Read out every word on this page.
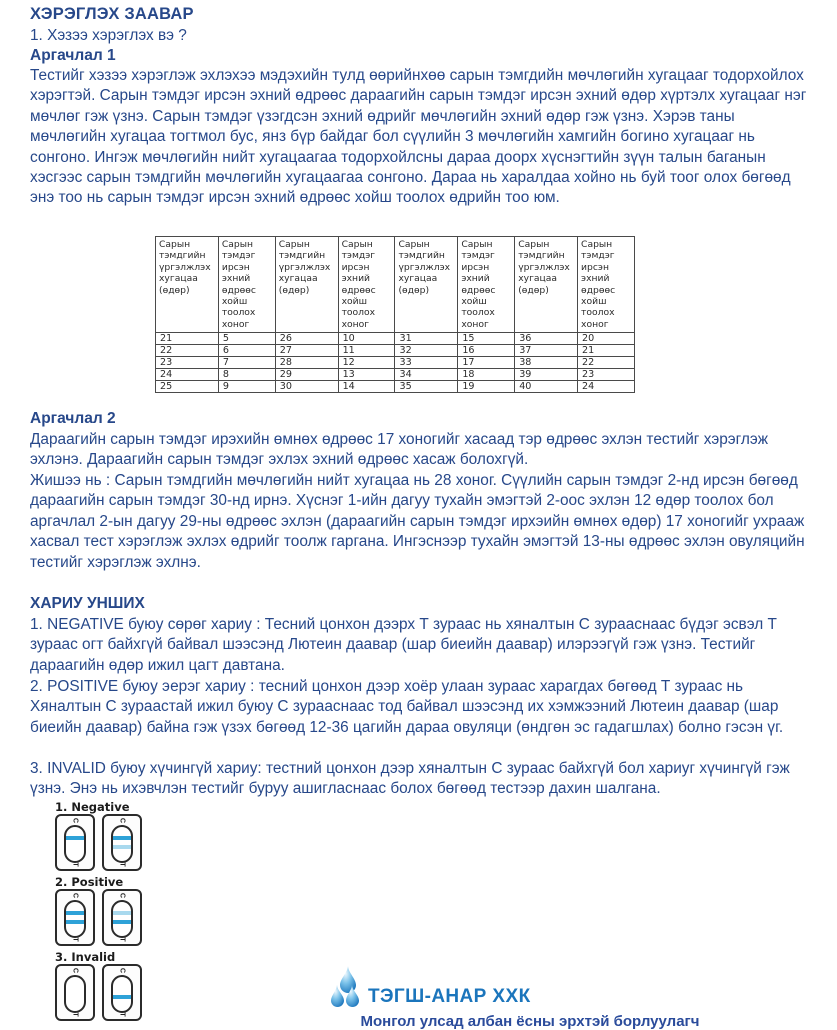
ХЭРЭГЛЭХ ЗААВАР
1. Хэзээ хэрэглэх вэ ?
Аргачлал 1
Тестийг хэзээ хэрэглэж эхлэхээ мэдэхийн тулд өөрийнхөө сарын тэмгдийн мөчлөгийн хугацааг тодорхойлох хэрэгтэй. Сарын тэмдэг ирсэн эхний өдрөөс дараагийн сарын тэмдэг ирсэн эхний өдөр хүртэлх хугацааг нэг мөчлөг гэж үзнэ. Сарын тэмдэг үзэгдсэн эхний өдрийг мөчлөгийн эхний өдөр гэж үзнэ. Хэрэв таны мөчлөгийн хугацаа тогтмол бус, янз бүр байдаг бол сүүлийн 3 мөчлөгийн хамгийн богино хугацааг нь сонгоно. Ингэж мөчлөгийн нийт хугацаагаа тодорхойлсны дараа доорх хүснэгтийн зүүн талын баганын хэсгээс сарын тэмдгийн мөчлөгийн хугацаагаа сонгоно. Дараа нь харалдаа хойно нь буй тоог олох бөгөөд энэ тоо нь сарын тэмдэг ирсэн эхний өдрөөс хойш тоолох өдрийн тоо юм.
Сарын тэмдгийн үргэлжлэх хугацаа (өдөр)	Сарын тэмдэг ирсэн эхний өдрөөс хойш тоолох хоног	Сарын тэмдгийн үргэлжлэх хугацаа (өдөр)	Сарын тэмдэг ирсэн эхний өдрөөс хойш тоолох хоног	Сарын тэмдгийн үргэлжлэх хугацаа (өдөр)	Сарын тэмдэг ирсэн эхний өдрөөс хойш тоолох хоног	Сарын тэмдгийн үргэлжлэх хугацаа (өдөр)	Сарын тэмдэг ирсэн эхний өдрөөс хойш тоолох хоног
21	5	26	10	31	15	36	20
22	6	27	11	32	16	37	21
23	7	28	12	33	17	38	22
24	8	29	13	34	18	39	23
25	9	30	14	35	19	40	24
Аргачлал 2
Дараагийн сарын тэмдэг ирэхийн өмнөх өдрөөс 17 хоногийг хасаад тэр өдрөөс эхлэн тестийг хэрэглэж эхлэнэ. Дараагийн сарын тэмдэг эхлэх эхний өдрөөс хасаж болохгүй.
Жишээ нь : Сарын тэмдгийн мөчлөгийн нийт хугацаа нь 28 хоног. Сүүлийн сарын тэмдэг 2-нд ирсэн бөгөөд дараагийн сарын тэмдэг 30-нд ирнэ. Хүснэг 1-ийн дагуу тухайн эмэгтэй 2-оос эхлэн 12 өдөр тоолох бол аргачлал 2-ын дагуу 29-ны өдрөөс эхлэн (дараагийн сарын тэмдэг ирхэийн өмнөх өдөр) 17 хоногийг ухрааж хасвал тест хэрэглэж эхлэх өдрийг тоолж гаргана. Ингэснээр тухайн эмэгтэй 13-ны өдрөөс эхлэн овуляцийн тестийг хэрэглэж эхлнэ.
ХАРИУ УНШИХ
1. NEGATIVE буюу сөрөг хариу : Тесний цонхон дээрх Т зураас нь хяналтын С зурааснаас бүдэг эсвэл Т зураас огт байхгүй байвал шээсэнд Лютеин даавар (шар биеийн даавар) илэрээгүй гэж үзнэ. Тестийг дараагийн өдөр ижил цагт давтана.
2. POSITIVE буюу эерэг хариу : тесний цонхон дээр хоёр улаан зураас харагдах бөгөөд Т зураас нь Хяналтын С зураастай ижил буюу С зурааснаас тод байвал шээсэнд их хэмжээний Лютеин даавар (шар биеийн даавар) байна гэж үзэх бөгөөд 12-36 цагийн дараа овуляци (өндгөн эс гадагшлах) болно гэсэн үг.
3. INVALID буюу хүчингүй хариу: тестний цонхон дээр хяналтын С зураас байхгүй бол хариуг хүчингүй гэж үзнэ. Энэ нь ихэвчлэн тестийг буруу ашигласнаас болох бөгөөд тестээр дахин шалгана.
1. Negative
C
T
C
T
2. Positive
C
T
C
T
3. Invalid
C
T
C
T
ТЭГШ-АНАР ХХК
Монгол улсад албан ёсны эрхтэй борлуулагч
